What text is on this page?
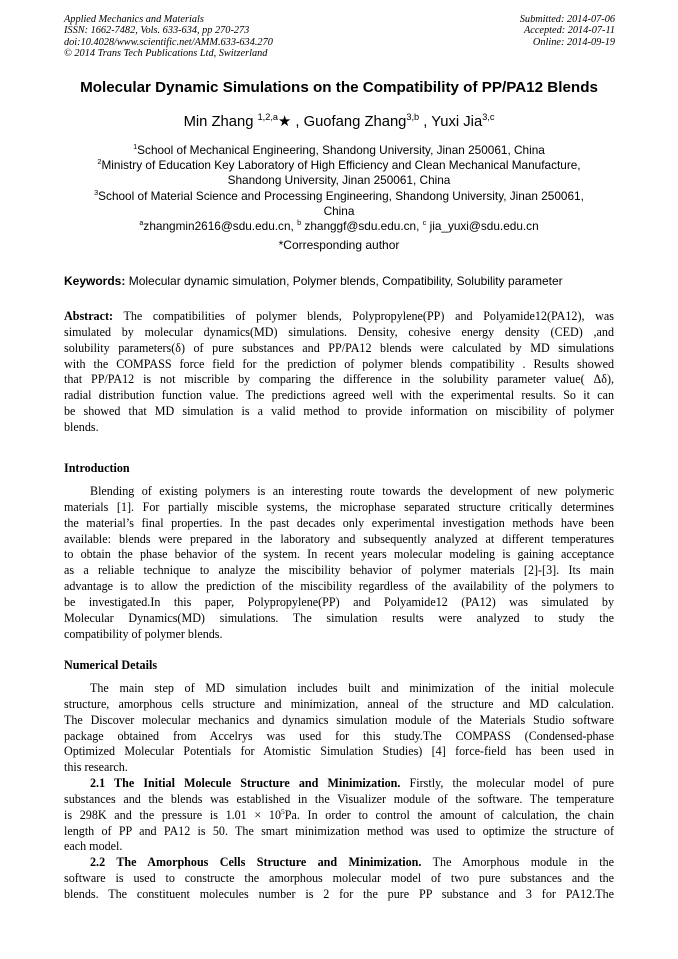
Applied Mechanics and Materials
ISSN: 1662-7482, Vols. 633-634, pp 270-273
doi:10.4028/www.scientific.net/AMM.633-634.270
© 2014 Trans Tech Publications Ltd, Switzerland
Submitted: 2014-07-06
Accepted: 2014-07-11
Online: 2014-09-19
Molecular Dynamic Simulations on the Compatibility of PP/PA12 Blends
Min Zhang $^{1,2,a}$★ , Guofang Zhang$^{3,b}$ , Yuxi Jia$^{3,c}$
$^1$School of Mechanical Engineering, Shandong University, Jinan 250061, China
$^2$Ministry of Education Key Laboratory of High Efficiency and Clean Mechanical Manufacture,
Shandong University, Jinan 250061, China
$^3$School of Material Science and Processing Engineering, Shandong University, Jinan 250061,
China
$^a$zhangmin2616@sdu.edu.cn, $^b$ zhanggf@sdu.edu.cn, $^c$ jia_yuxi@sdu.edu.cn
*Corresponding author
Keywords: Molecular dynamic simulation, Polymer blends, Compatibility, Solubility parameter
Abstract: The compatibilities of polymer blends, Polypropylene(PP) and Polyamide12(PA12), was
simulated by molecular dynamics(MD) simulations. Density, cohesive energy density (CED) ,and
solubility parameters(δ) of pure substances and PP/PA12 blends were calculated by MD simulations
with the COMPASS force field for the prediction of polymer blends compatibility . Results showed
that PP/PA12 is not miscrible by comparing the difference in the solubility parameter value( Δδ),
radial distribution function value. The predictions agreed well with the experimental results. So it can
be showed that MD simulation is a valid method to provide information on miscibility of polymer
blends.
Introduction
Blending of existing polymers is an interesting route towards the development of new polymeric
materials [1]. For partially miscible systems, the microphase separated structure critically determines
the material’s final properties. In the past decades only experimental investigation methods have been
available: blends were prepared in the laboratory and subsequently analyzed at different temperatures
to obtain the phase behavior of the system. In recent years molecular modeling is gaining acceptance
as a reliable technique to analyze the miscibility behavior of polymer materials [2]-[3]. Its main
advantage is to allow the prediction of the miscibility regardless of the availability of the polymers to
be investigated.In this paper, Polypropylene(PP) and Polyamide12 (PA12) was simulated by
Molecular Dynamics(MD) simulations. The simulation results were analyzed to study the
compatibility of polymer blends.
Numerical Details
The main step of MD simulation includes built and minimization of the initial molecule
structure, amorphous cells structure and minimization, anneal of the structure and MD calculation.
The Discover molecular mechanics and dynamics simulation module of the Materials Studio software
package obtained from Accelrys was used for this study.The COMPASS (Condensed-phase
Optimized Molecular Potentials for Atomistic Simulation Studies) [4] force-field has been used in
this research.
2.1 The Initial Molecule Structure and Minimization. Firstly, the molecular model of pure
substances and the blends was established in the Visualizer module of the software. The temperature
is 298K and the pressure is $1.01 \times 10^5Pa$. In order to control the amount of calculation, the chain
length of PP and PA12 is 50. The smart minimization method was used to optimize the structure of
each model.
2.2 The Amorphous Cells Structure and Minimization. The Amorphous module in the
software is used to constructe the amorphous molecular model of two pure substances and the
blends. The constituent molecules number is 2 for the pure PP substance and 3 for PA12.The
